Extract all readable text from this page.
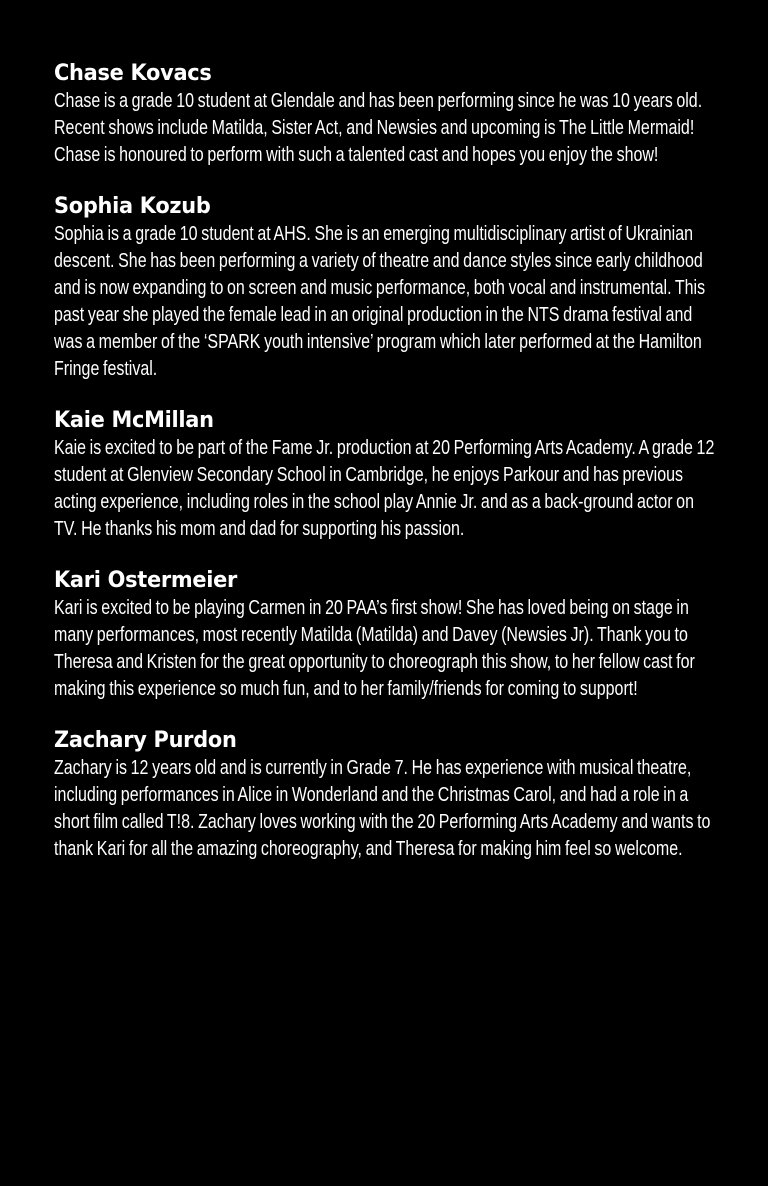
Chase Kovacs

Chase is a grade 10 student at Glendale and has been performing since he was 10 years old. Recent shows include Matilda, Sister Act, and Newsies and upcoming is The Little Mermaid! Chase is honoured to perform with such a talented cast and hopes you enjoy the show!

Sophia Kozub

Sophia is a grade 10 student at AHS. She is an emerging multidisciplinary artist of Ukrainian descent. She has been performing a variety of theatre and dance styles since early childhood and is now expanding to on screen and music performance, both vocal and instrumental. This past year she played the female lead in an original production in the NTS drama festival and was a member of the ‘SPARK youth intensive’ program which later performed at the Hamilton Fringe festival.

Kaie McMillan

Kaie is excited to be part of the Fame Jr. production at 20 Performing Arts Academy. A grade 12 student at Glenview Secondary School in Cambridge, he enjoys Parkour and has previous acting experience, including roles in the school play Annie Jr. and as a back-ground actor on TV. He thanks his mom and dad for supporting his passion.

Kari Ostermeier

Kari is excited to be playing Carmen in 20 PAA’s first show! She has loved being on stage in many performances, most recently Matilda (Matilda) and Davey (Newsies Jr). Thank you to Theresa and Kristen for the great opportunity to choreograph this show, to her fellow cast for making this experience so much fun, and to her family/friends for coming to support!

Zachary Purdon

Zachary is 12 years old and is currently in Grade 7. He has experience with musical theatre, including performances in Alice in Wonderland and the Christmas Carol, and had a role in a short film called T!8. Zachary loves working with the 20 Performing Arts Academy and wants to thank Kari for all the amazing choreography, and Theresa for making him feel so welcome.
